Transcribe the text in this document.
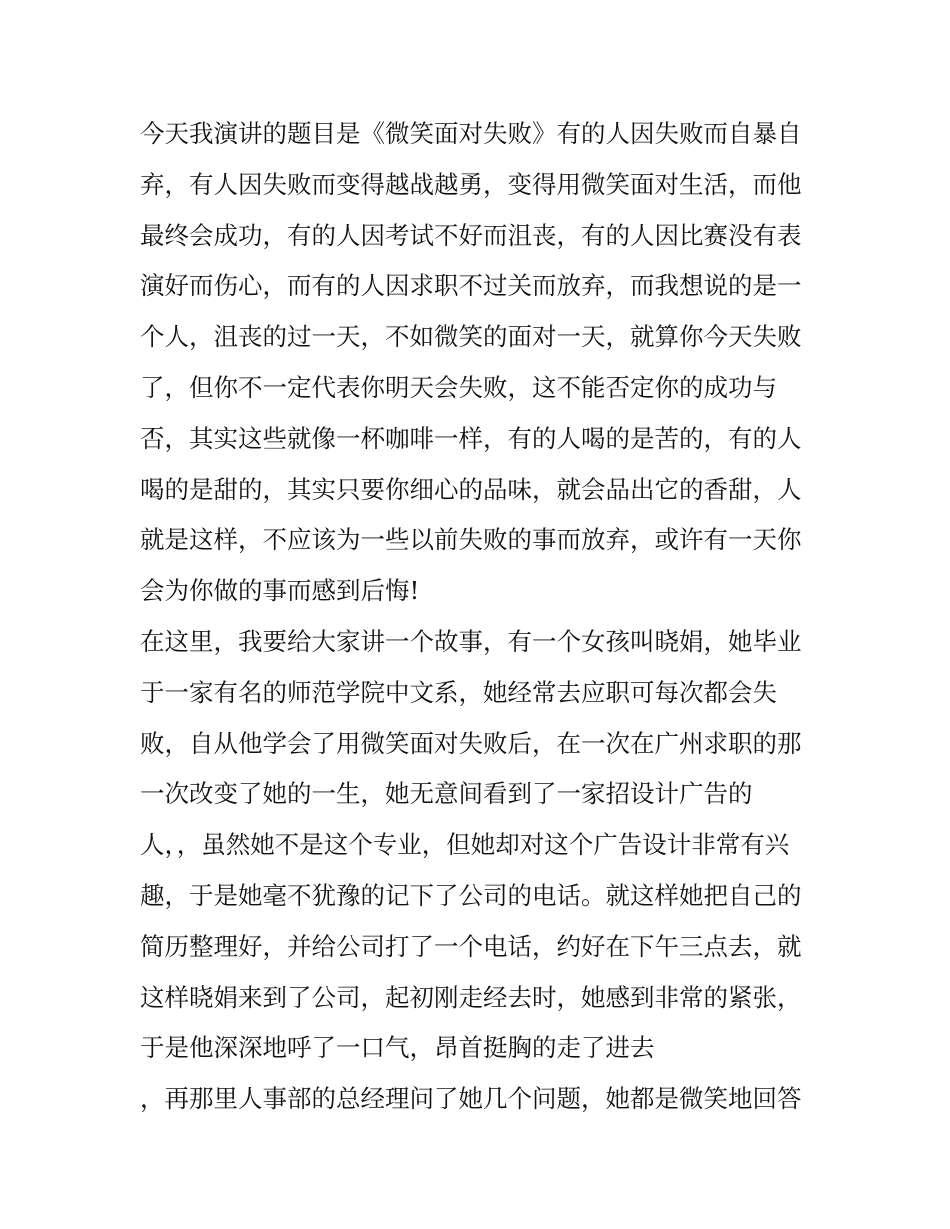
今天我演讲的题目是《微笑面对失败》有的人因失败而自暴自
弃，有人因失败而变得越战越勇，变得用微笑面对生活，而他
最终会成功，有的人因考试不好而沮丧，有的人因比赛没有表
演好而伤心，而有的人因求职不过关而放弃，而我想说的是一
个人，沮丧的过一天，不如微笑的面对一天，就算你今天失败
了，但你不一定代表你明天会失败，这不能否定你的成功与
否，其实这些就像一杯咖啡一样，有的人喝的是苦的，有的人
喝的是甜的，其实只要你细心的品味，就会品出它的香甜，人
就是这样，不应该为一些以前失败的事而放弃，或许有一天你
会为你做的事而感到后悔!
在这里，我要给大家讲一个故事，有一个女孩叫晓娟，她毕业
于一家有名的师范学院中文系，她经常去应职可每次都会失
败，自从他学会了用微笑面对失败后，在一次在广州求职的那
一次改变了她的一生，她无意间看到了一家招设计广告的
人，，虽然她不是这个专业，但她却对这个广告设计非常有兴
趣，于是她毫不犹豫的记下了公司的电话。就这样她把自己的
简历整理好，并给公司打了一个电话，约好在下午三点去，就
这样晓娟来到了公司，起初刚走经去时，她感到非常的紧张，
于是他深深地呼了一口气，昂首挺胸的走了进去
，再那里人事部的总经理问了她几个问题，她都是微笑地回答
